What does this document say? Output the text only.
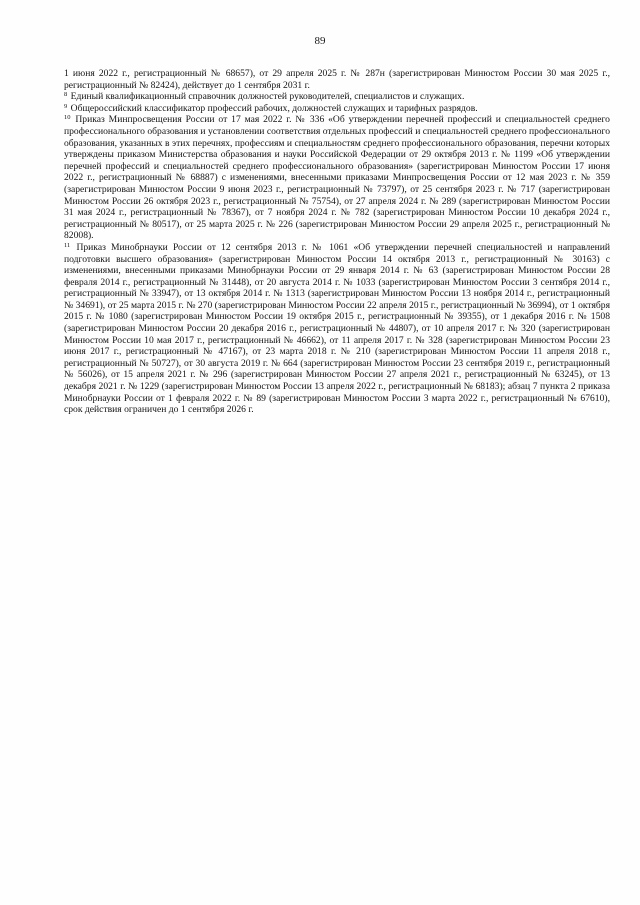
89

1 июня 2022 г., регистрационный № 68657), от 29 апреля 2025 г. № 287н (зарегистрирован Минюстом России 30 мая 2025 г., регистрационный № 82424), действует до 1 сентября 2031 г.

$^8$ Единый квалификационный справочник должностей руководителей, специалистов и служащих.

$^9$ Общероссийский классификатор профессий рабочих, должностей служащих и тарифных разрядов.

$^{10}$ Приказ Минпросвещения России от 17 мая 2022 г. № 336 «Об утверждении перечней профессий и специальностей среднего профессионального образования и установлении соответствия отдельных профессий и специальностей среднего профессионального образования, указанных в этих перечнях, профессиям и специальностям среднего профессионального образования, перечни которых утверждены приказом Министерства образования и науки Российской Федерации от 29 октября 2013 г. № 1199 «Об утверждении перечней профессий и специальностей среднего профессионального образования» (зарегистрирован Минюстом России 17 июня 2022 г., регистрационный № 68887) с изменениями, внесенными приказами Минпросвещения России от 12 мая 2023 г. № 359 (зарегистрирован Минюстом России 9 июня 2023 г., регистрационный № 73797), от 25 сентября 2023 г. № 717 (зарегистрирован Минюстом России 26 октября 2023 г., регистрационный № 75754), от 27 апреля 2024 г. № 289 (зарегистрирован Минюстом России 31 мая 2024 г., регистрационный № 78367), от 7 ноября 2024 г. № 782 (зарегистрирован Минюстом России 10 декабря 2024 г., регистрационный № 80517), от 25 марта 2025 г. № 226 (зарегистрирован Минюстом России 29 апреля 2025 г., регистрационный № 82008).

$^{11}$ Приказ Минобрнауки России от 12 сентября 2013 г. № 1061 «Об утверждении перечней специальностей и направлений подготовки высшего образования» (зарегистрирован Минюстом России 14 октября 2013 г., регистрационный № 30163) с изменениями, внесенными приказами Минобрнауки России от 29 января 2014 г. № 63 (зарегистрирован Минюстом России 28 февраля 2014 г., регистрационный № 31448), от 20 августа 2014 г. № 1033 (зарегистрирован Минюстом России 3 сентября 2014 г., регистрационный № 33947), от 13 октября 2014 г. № 1313 (зарегистрирован Минюстом России 13 ноября 2014 г., регистрационный № 34691), от 25 марта 2015 г. № 270 (зарегистрирован Минюстом России 22 апреля 2015 г., регистрационный № 36994), от 1 октября 2015 г. № 1080 (зарегистрирован Минюстом России 19 октября 2015 г., регистрационный № 39355), от 1 декабря 2016 г. № 1508 (зарегистрирован Минюстом России 20 декабря 2016 г., регистрационный № 44807), от 10 апреля 2017 г. № 320 (зарегистрирован Минюстом России 10 мая 2017 г., регистрационный № 46662), от 11 апреля 2017 г. № 328 (зарегистрирован Минюстом России 23 июня 2017 г., регистрационный № 47167), от 23 марта 2018 г. № 210 (зарегистрирован Минюстом России 11 апреля 2018 г., регистрационный № 50727), от 30 августа 2019 г. № 664 (зарегистрирован Минюстом России 23 сентября 2019 г., регистрационный № 56026), от 15 апреля 2021 г. № 296 (зарегистрирован Минюстом России 27 апреля 2021 г., регистрационный № 63245), от 13 декабря 2021 г. № 1229 (зарегистрирован Минюстом России 13 апреля 2022 г., регистрационный № 68183); абзац 7 пункта 2 приказа Минобрнауки России от 1 февраля 2022 г. № 89 (зарегистрирован Минюстом России 3 марта 2022 г., регистрационный № 67610), срок действия ограничен до 1 сентября 2026 г.
